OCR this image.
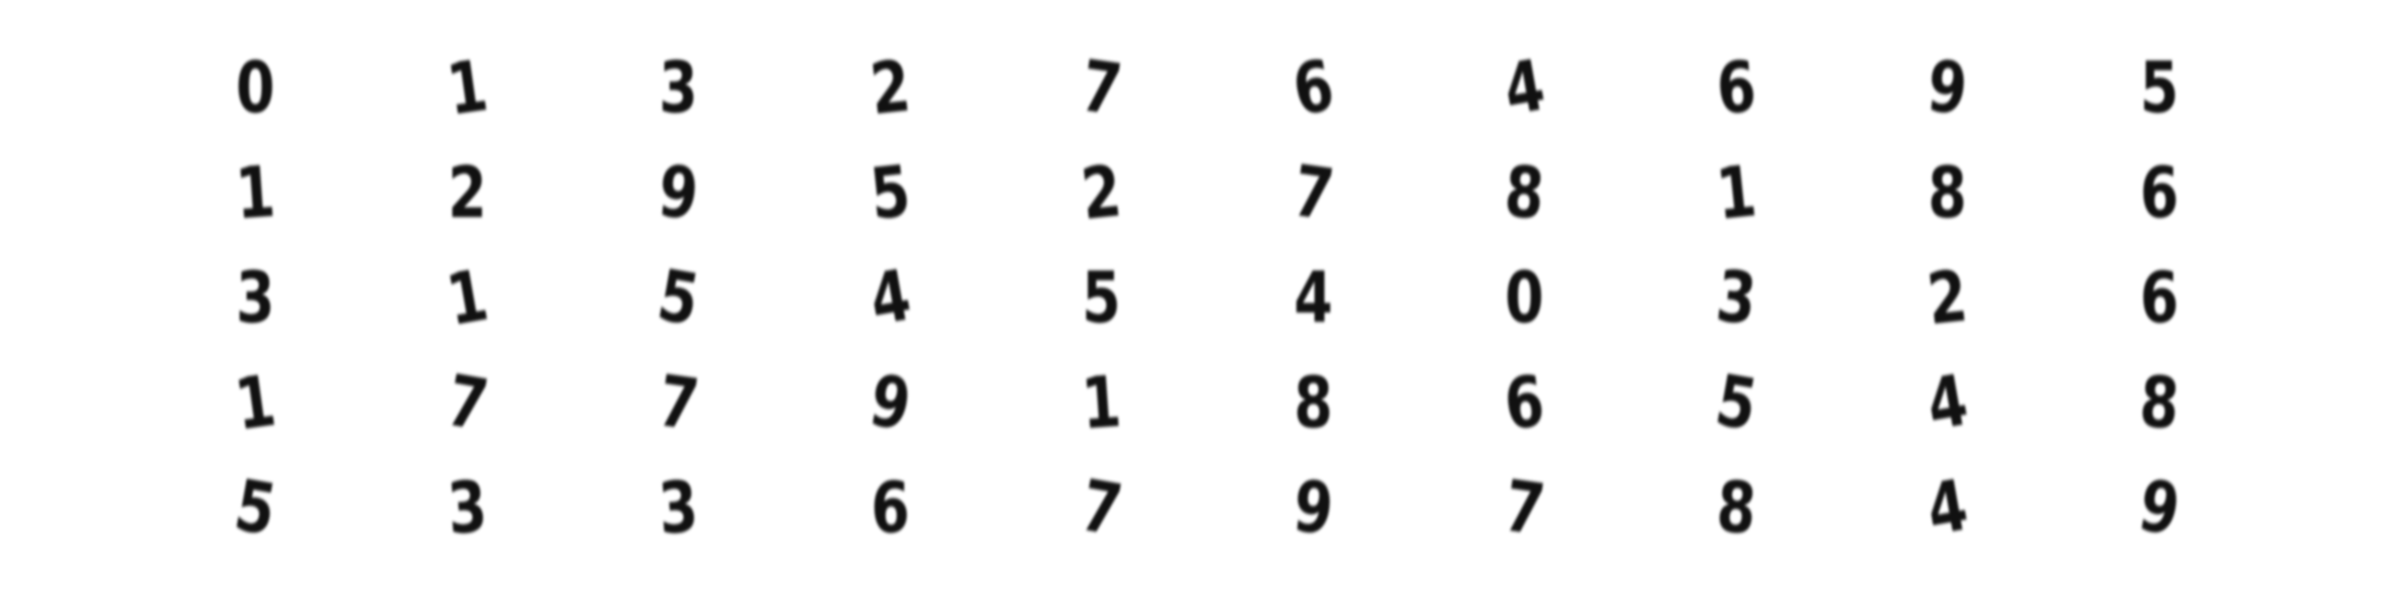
0 1 3 2 7 6 4 6 9 5
1 2 9 5 2 7 8 1 8 6
3 1 5 4 5 4 0 3 2 6
1 7 7 9 1 8 6 5 4 8
5 3 3 6 7 9 7 8 4 9
